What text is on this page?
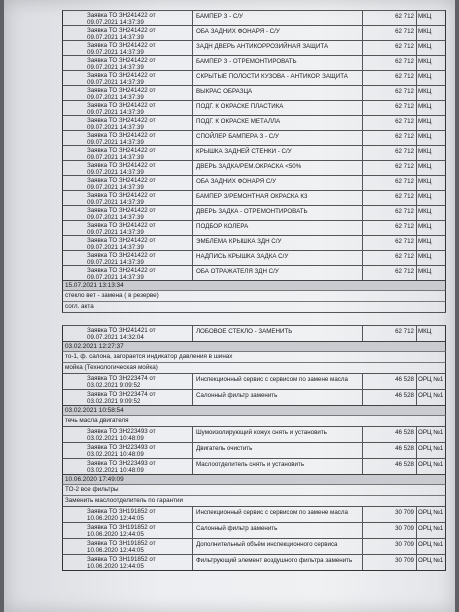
Заявка ТО ЗН241422 от
09.07.2021 14:37:39
БАМПЕР З - С/У	62 712 МКЦ
Заявка ТО ЗН241422 от
09.07.2021 14:37:39
ОБА ЗАДНИХ ФОНАРЯ - С/У	62 712 МКЦ
Заявка ТО ЗН241422 от
09.07.2021 14:37:39
ЗАДН ДВЕРЬ АНТИКОРРОЗИЙНАЯ ЗАЩИТА	62 712 МКЦ
Заявка ТО ЗН241422 от
09.07.2021 14:37:39
БАМПЕР З - ОТРЕМОНТИРОВАТЬ	62 712 МКЦ
Заявка ТО ЗН241422 от
09.07.2021 14:37:39
СКРЫТЫЕ ПОЛОСТИ КУЗОВА - АНТИКОР. ЗАЩИТА	62 712 МКЦ
Заявка ТО ЗН241422 от
09.07.2021 14:37:39
ВЫКРАС ОБРАЗЦА	62 712 МКЦ
Заявка ТО ЗН241422 от
09.07.2021 14:37:39
ПОДГ. К ОКРАСКЕ ПЛАСТИКА	62 712 МКЦ
Заявка ТО ЗН241422 от
09.07.2021 14:37:39
ПОДГ. К ОКРАСКЕ МЕТАЛЛА	62 712 МКЦ
Заявка ТО ЗН241422 от
09.07.2021 14:37:39
СПОЙЛЕР БАМПЕРА З - С/У	62 712 МКЦ
Заявка ТО ЗН241422 от
09.07.2021 14:37:39
КРЫШКА ЗАДНЕЙ СТЕНКИ - С/У	62 712 МКЦ
Заявка ТО ЗН241422 от
09.07.2021 14:37:39
ДВЕРЬ ЗАДКА/РЕМ.ОКРАСКА <50%	62 712 МКЦ
Заявка ТО ЗН241422 от
09.07.2021 14:37:39
ОБА ЗАДНИХ ФОНАРЯ С/У	62 712 МКЦ
Заявка ТО ЗН241422 от
09.07.2021 14:37:39
БАМПЕР З/РЕМОНТНАЯ ОКРАСКА К3	62 712 МКЦ
Заявка ТО ЗН241422 от
09.07.2021 14:37:39
ДВЕРЬ ЗАДКА - ОТРЕМОНТИРОВАТЬ	62 712 МКЦ
Заявка ТО ЗН241422 от
09.07.2021 14:37:39
ПОДБОР КОЛЕРА	62 712 МКЦ
Заявка ТО ЗН241422 от
09.07.2021 14:37:39
ЭМБЛЕМА КРЫШКА ЗДН С/У	62 712 МКЦ
Заявка ТО ЗН241422 от
09.07.2021 14:37:39
НАДПИСЬ КРЫШКА ЗАДКА С/У	62 712 МКЦ
Заявка ТО ЗН241422 от
09.07.2021 14:37:39
ОБА ОТРАЖАТЕЛЯ ЗДН С/У	62 712 МКЦ
15.07.2021 13:13:34
стекло вет - замена ( в резерве)
согл. акта
Заявка ТО ЗН241421 от
09.07.2021 14:32:04
ЛОБОВОЕ СТЕКЛО - ЗАМЕНИТЬ	62 712 МКЦ
03.02.2021 12:27:37
то-1, ф. салона, загорается индикатор давления в шинах
мойка (Технологическая мойка)
Заявка ТО ЗН223474 от
03.02.2021 9:09:52
Инспекционный сервис с сервисом по замене масла	46 528 ОРЦ №1
Заявка ТО ЗН223474 от
03.02.2021 9:09:52
Салонный фильтр заменить	46 528 ОРЦ №1
03.02.2021 10:58:54
течь масла двигателя
Заявка ТО ЗН223493 от
03.02.2021 10:48:09
Шумоизолирующий кожух снять и установить	46 528 ОРЦ №1
Заявка ТО ЗН223493 от
03.02.2021 10:48:09
Двигатель очистить	46 528 ОРЦ №1
Заявка ТО ЗН223493 от
03.02.2021 10:48:09
Маслоотделитель снять и установить	46 528 ОРЦ №1
10.06.2020 17:49:09
ТО-2 все фильтры
Заменить маслоотделитель по гарантии
Заявка ТО ЗН191852 от
10.06.2020 12:44:05
Инспекционный сервис с сервисом по замене масла	30 709 ОРЦ №1
Заявка ТО ЗН191852 от
10.06.2020 12:44:05
Салонный фильтр заменить	30 709 ОРЦ №1
Заявка ТО ЗН191852 от
10.06.2020 12:44:05
Дополнительный объём инспекционного сервиса	30 709 ОРЦ №1
Заявка ТО ЗН191852 от
10.06.2020 12:44:05
Фильтрующий элемент воздушного фильтра заменить	30 709 ОРЦ №1
